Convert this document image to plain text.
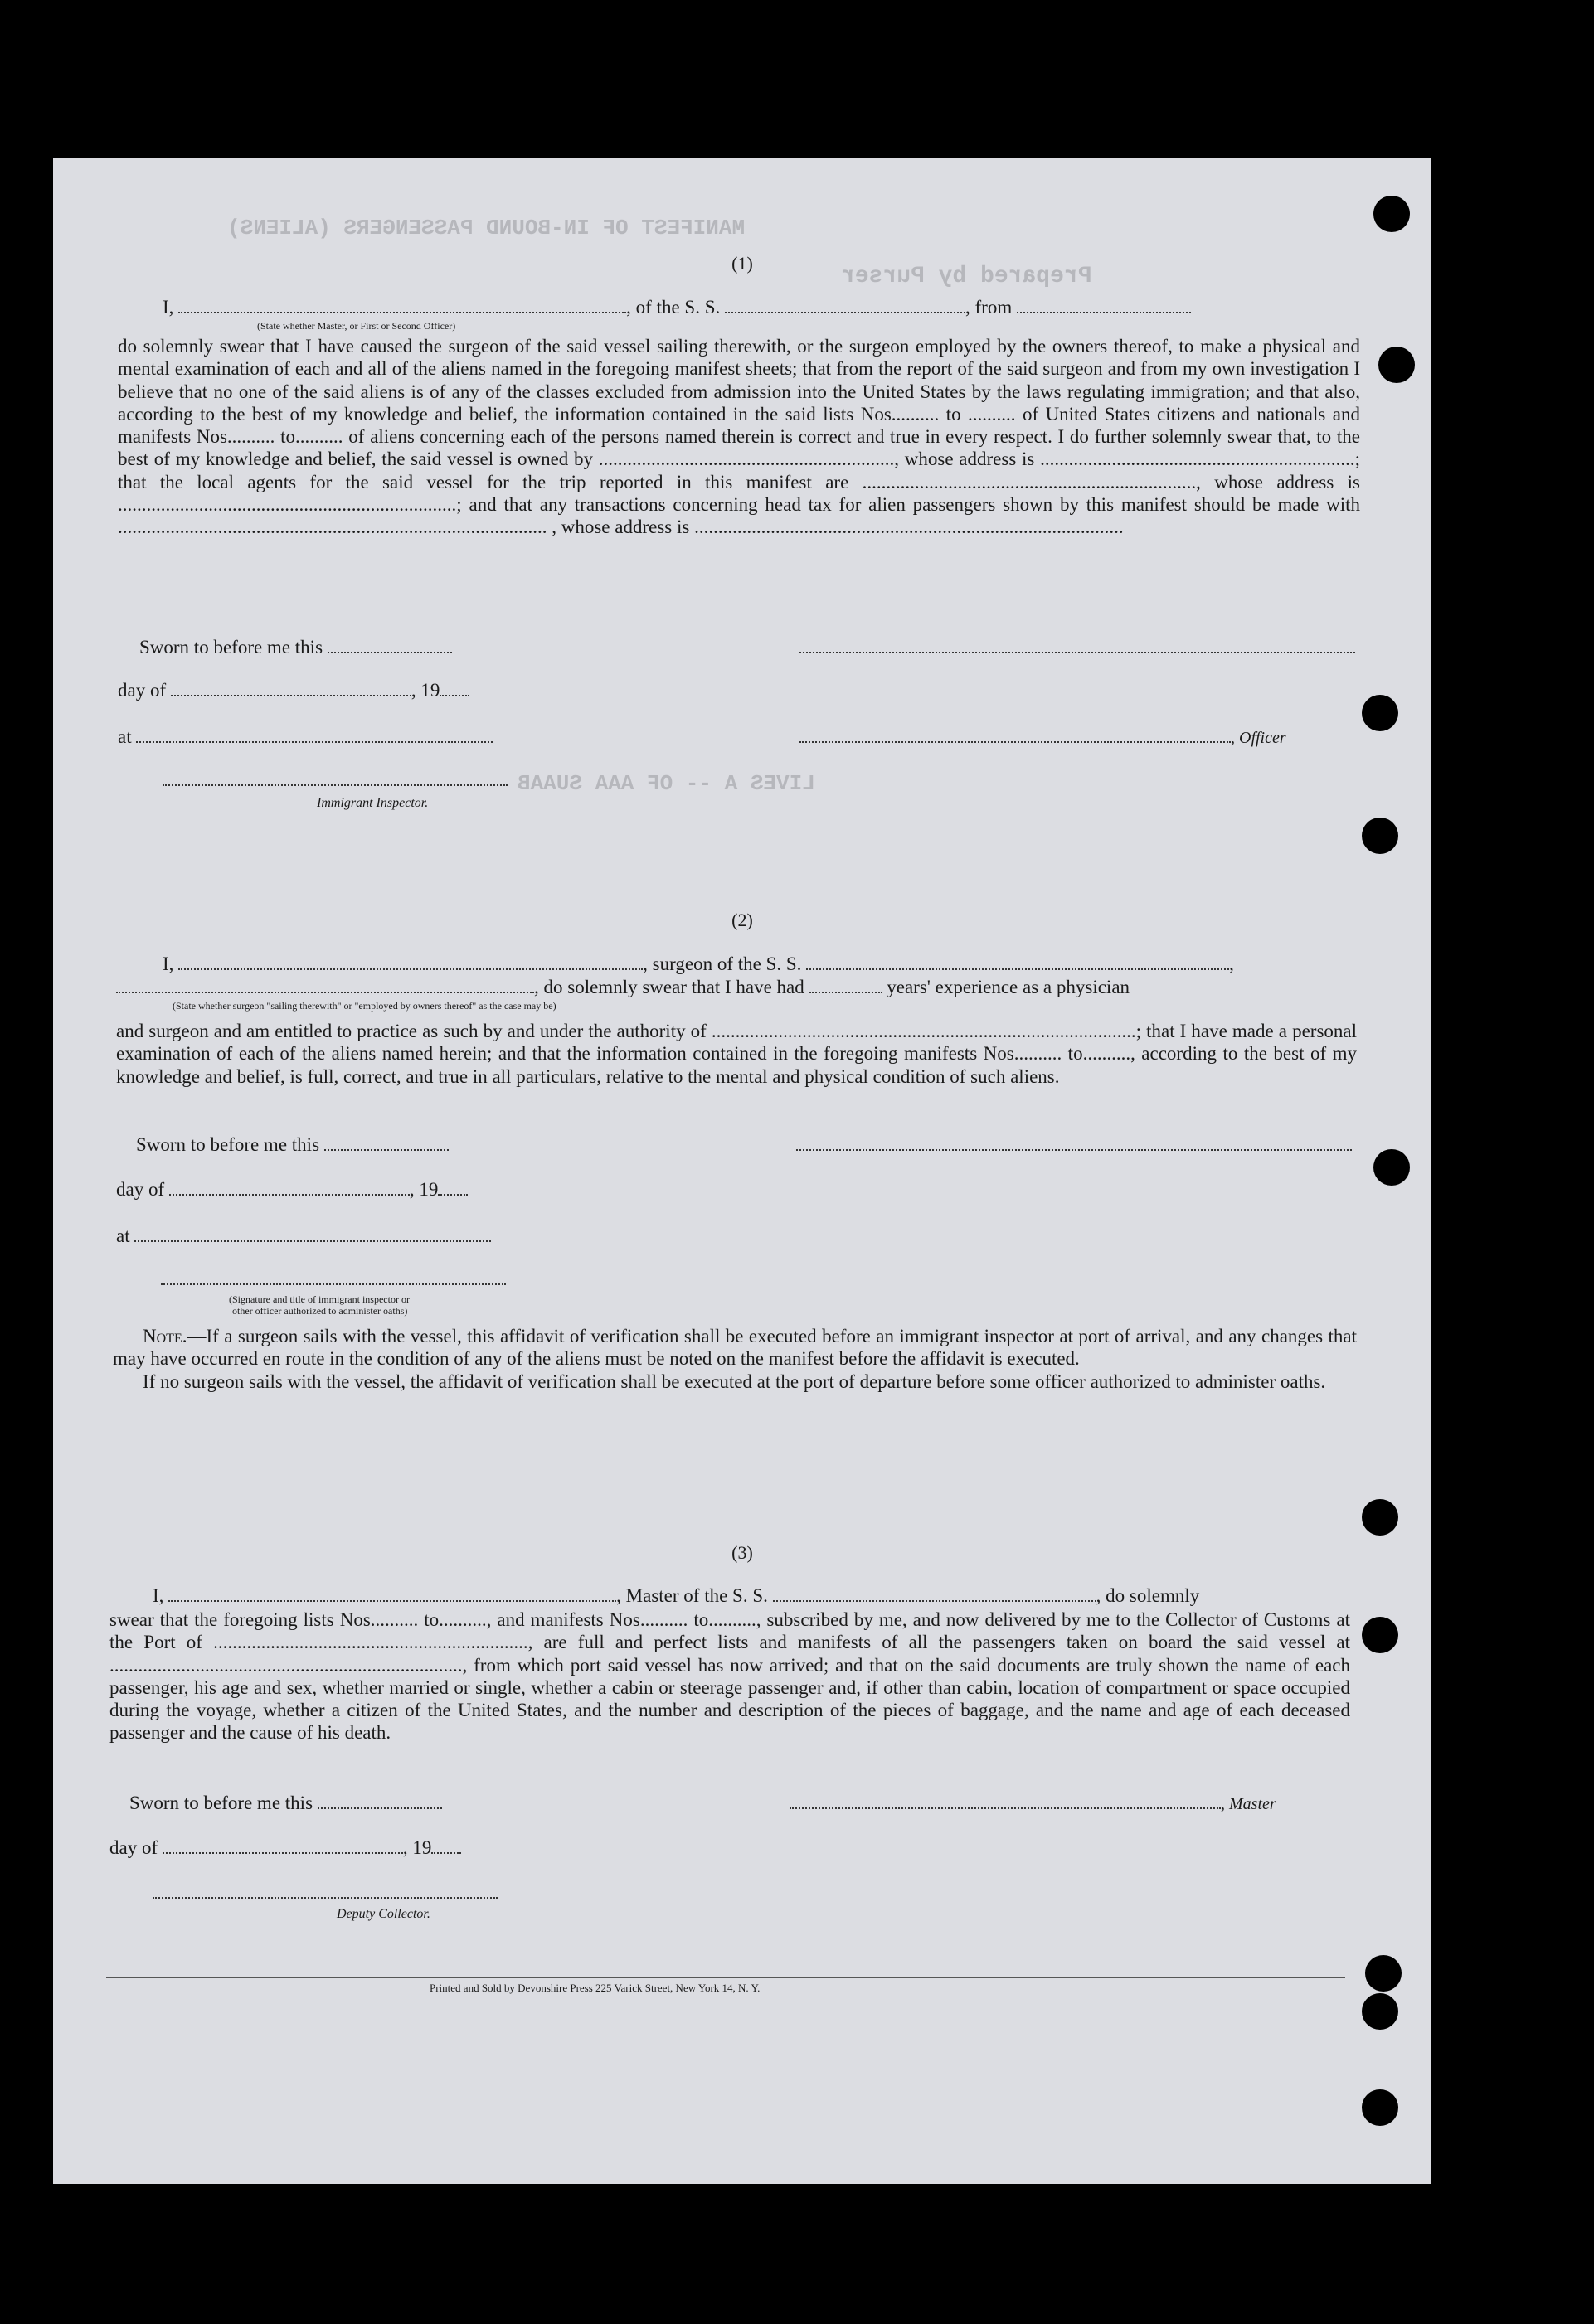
MANIFEST OF IN-BOUND PASSENGERS (ALIENS)
Prepared by Purser
LIVES A -- OF AAA SUAAB
(1)
I,	, of the S. S.	, from
(State whether Master, or First or Second Officer)
do solemnly swear that I have caused the surgeon of the said vessel sailing therewith, or the surgeon employed by the owners thereof, to make a physical and mental examination of each and all of the aliens named in the foregoing manifest sheets; that from the report of the said surgeon and from my own investigation I believe that no one of the said aliens is of any of the classes excluded from admission into the United States by the laws regulating immigration; and that also, according to the best of my knowledge and belief, the information contained in the said lists Nos.......... to .......... of United States citizens and nationals and manifests Nos.......... to.......... of aliens concerning each of the persons named therein is correct and true in every respect. I do further solemnly swear that, to the best of my knowledge and belief, the said vessel is owned by .............................................................., whose address is ..................................................................; that the local agents for the said vessel for the trip reported in this manifest are ......................................................................, whose address is .......................................................................; and that any transactions concerning head tax for alien passengers shown by this manifest should be made with .......................................................................................... , whose address is ..........................................................................................
Sworn to before me this
day of	, 19
at	, Officer
Immigrant Inspector.
(2)
I,	, surgeon of the S. S.	,
, do solemnly swear that I have had	years' experience as a physician
(State whether surgeon "sailing therewith" or "employed by owners thereof" as the case may be)
and surgeon and am entitled to practice as such by and under the authority of .........................................................................................; that I have made a personal examination of each of the aliens named herein; and that the information contained in the foregoing manifests Nos.......... to.........., according to the best of my knowledge and belief, is full, correct, and true in all particulars, relative to the mental and physical condition of such aliens.
Sworn to before me this
day of	, 19
at
(Signature and title of immigrant inspector or
other officer authorized to administer oaths)

Note.—If a surgeon sails with the vessel, this affidavit of verification shall be executed before an immigrant inspector at port of arrival, and any changes that may have occurred en route in the condition of any of the aliens must be noted on the manifest before the affidavit is executed.

If no surgeon sails with the vessel, the affidavit of verification shall be executed at the port of departure before some officer authorized to administer oaths.

(3)
I,	, Master of the S. S.	, do solemnly
swear that the foregoing lists Nos.......... to.........., and manifests Nos.......... to.........., subscribed by me, and now delivered by me to the Collector of Customs at the Port of .................................................................., are full and perfect lists and manifests of all the passengers taken on board the said vessel at .........................................................................., from which port said vessel has now arrived; and that on the said documents are truly shown the name of each passenger, his age and sex, whether married or single, whether a cabin or steerage passenger and, if other than cabin, location of compartment or space occupied during the voyage, whether a citizen of the United States, and the number and description of the pieces of baggage, and the name and age of each deceased passenger and the cause of his death.
Sworn to before me this	, Master
day of	, 19
Deputy Collector.
Printed and Sold by Devonshire Press 225 Varick Street, New York 14, N. Y.
